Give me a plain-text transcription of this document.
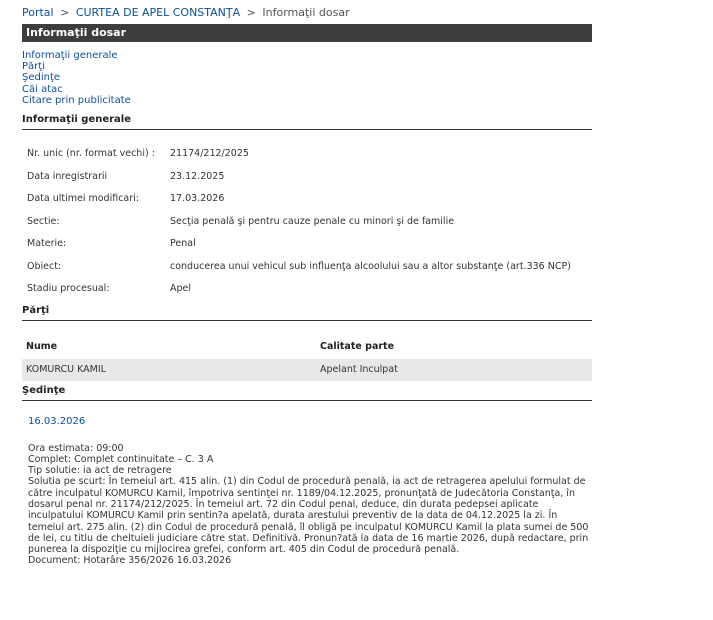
Portal > CURTEA DE APEL CONSTANŢA > Informaţii dosar
Informaţii dosar
Informaţii generale
Părţi
Şedinţe
Căi atac
Citare prin publicitate
Informaţii generale
Nr. unic (nr. format vechi) :	21174/212/2025
Data inregistrarii	23.12.2025
Data ultimei modificari:	17.03.2026
Sectie:	Secţia penală şi pentru cauze penale cu minori şi de familie
Materie:	Penal
Obiect:	conducerea unui vehicul sub influenţa alcoolului sau a altor substanţe (art.336 NCP)
Stadiu procesual:	Apel
Părţi
Nume	Calitate parte
KOMURCU KAMIL	Apelant Inculpat
Şedinţe
16.03.2026
Ora estimata: 09:00
Complet: Complet continuitate – C. 3 A
Tip solutie: ia act de retragere
Solutia pe scurt: În temeiul art. 415 alin. (1) din Codul de procedură penală, ia act de retragerea apelului formulat de către inculpatul KOMURCU Kamil, împotriva sentinţei nr. 1189/04.12.2025, pronunţată de Judecătoria Constanţa, în dosarul penal nr. 21174/212/2025. În temeiul art. 72 din Codul penal, deduce, din durata pedepsei aplicate inculpatului KOMURCU Kamil prin sentin?a apelată, durata arestului preventiv de la data de 04.12.2025 la zi. În temeiul art. 275 alin. (2) din Codul de procedură penală, îl obligă pe inculpatul KOMURCU Kamil la plata sumei de 500 de lei, cu titlu de cheltuieli judiciare către stat. Definitivă. Pronun?ată la data de 16 martie 2026, după redactare, prin punerea la dispoziţie cu mijlocirea grefei, conform art. 405 din Codul de procedură penală.
Document: Hotarâre 356/2026 16.03.2026
